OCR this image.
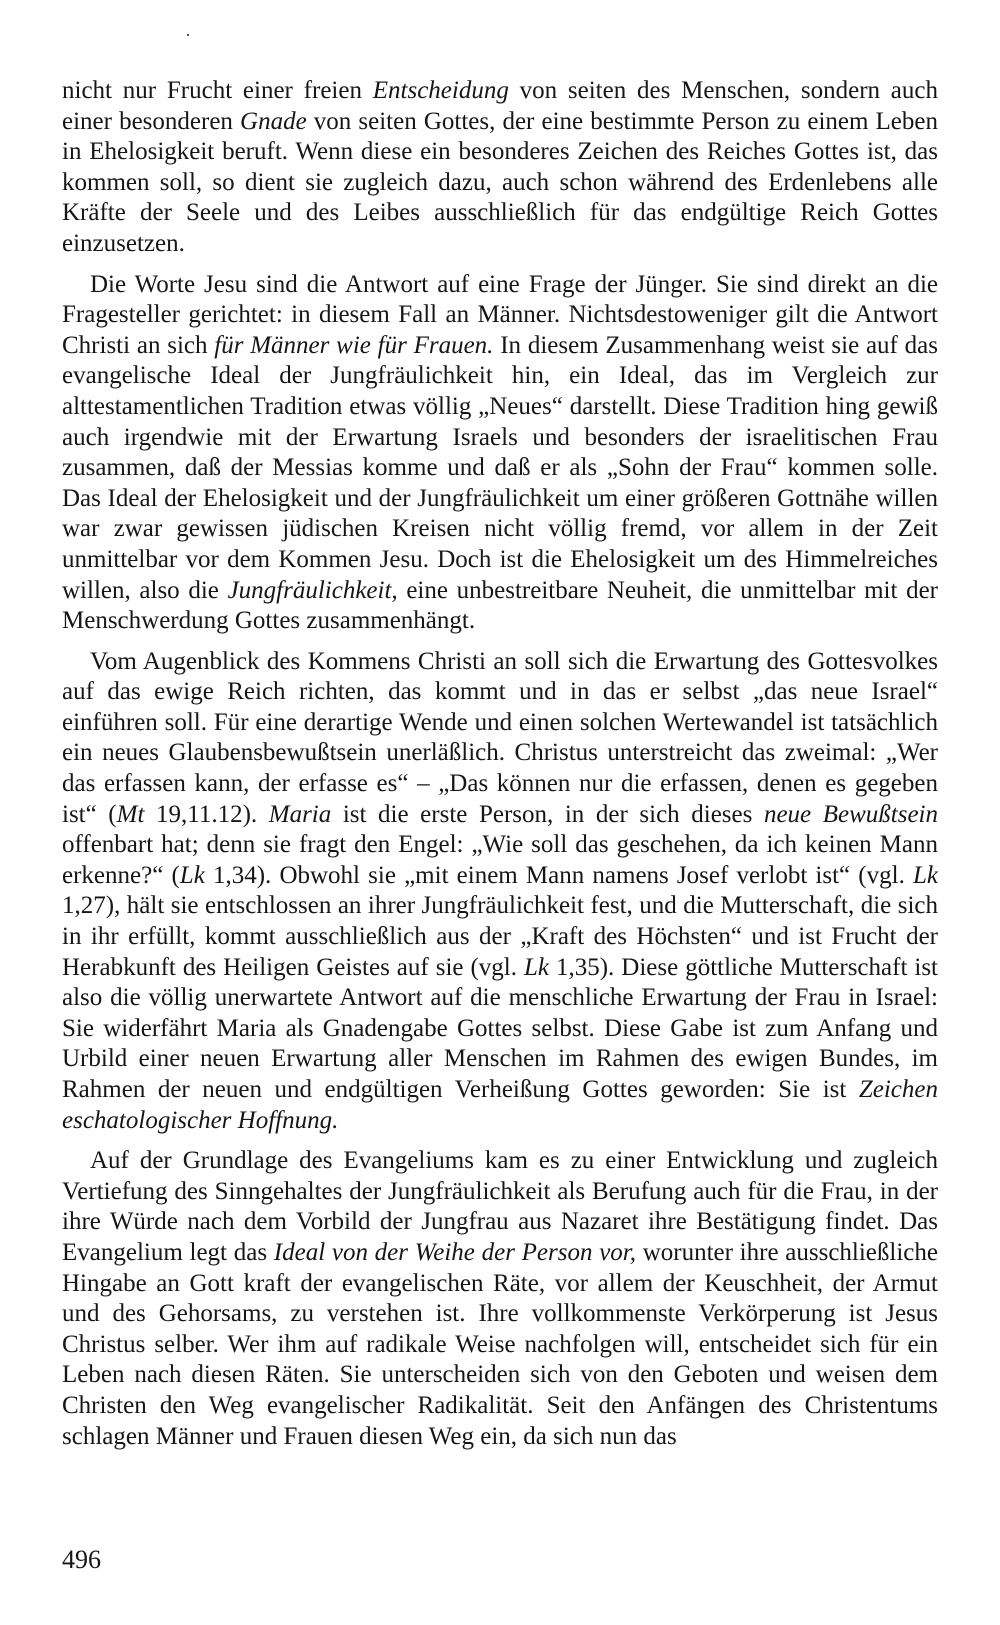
nicht nur Frucht einer freien Entscheidung von seiten des Menschen, sondern auch einer besonderen Gnade von seiten Gottes, der eine bestimmte Person zu einem Leben in Ehelosigkeit beruft. Wenn diese ein besonderes Zeichen des Reiches Gottes ist, das kommen soll, so dient sie zugleich dazu, auch schon während des Erdenlebens alle Kräfte der Seele und des Leibes ausschließlich für das endgültige Reich Gottes einzusetzen.

Die Worte Jesu sind die Antwort auf eine Frage der Jünger. Sie sind direkt an die Fragesteller gerichtet: in diesem Fall an Männer. Nichtsdestoweniger gilt die Antwort Christi an sich für Männer wie für Frauen. In diesem Zusammenhang weist sie auf das evangelische Ideal der Jungfräulichkeit hin, ein Ideal, das im Vergleich zur alttestamentlichen Tradition etwas völlig „Neues“ darstellt. Diese Tradition hing gewiß auch irgendwie mit der Erwartung Israels und besonders der israelitischen Frau zusammen, daß der Messias komme und daß er als „Sohn der Frau“ kommen solle. Das Ideal der Ehelosigkeit und der Jungfräulichkeit um einer größeren Gottnähe willen war zwar gewissen jüdischen Kreisen nicht völlig fremd, vor allem in der Zeit unmittelbar vor dem Kommen Jesu. Doch ist die Ehelosigkeit um des Himmelreiches willen, also die Jungfräulichkeit, eine unbestreitbare Neuheit, die unmittelbar mit der Menschwerdung Gottes zusammenhängt.

Vom Augenblick des Kommens Christi an soll sich die Erwartung des Gottesvolkes auf das ewige Reich richten, das kommt und in das er selbst „das neue Israel“ einführen soll. Für eine derartige Wende und einen solchen Wertewandel ist tatsächlich ein neues Glaubensbewußtsein unerläßlich. Christus unterstreicht das zweimal: „Wer das erfassen kann, der erfasse es“ – „Das können nur die erfassen, denen es gegeben ist“ (Mt 19,11.12). Maria ist die erste Person, in der sich dieses neue Bewußtsein offenbart hat; denn sie fragt den Engel: „Wie soll das geschehen, da ich keinen Mann erkenne?“ (Lk 1,34). Obwohl sie „mit einem Mann namens Josef verlobt ist“ (vgl. Lk 1,27), hält sie entschlossen an ihrer Jungfräulichkeit fest, und die Mutterschaft, die sich in ihr erfüllt, kommt ausschließlich aus der „Kraft des Höchsten“ und ist Frucht der Herabkunft des Heiligen Geistes auf sie (vgl. Lk 1,35). Diese göttliche Mutterschaft ist also die völlig unerwartete Antwort auf die menschliche Erwartung der Frau in Israel: Sie widerfährt Maria als Gnadengabe Gottes selbst. Diese Gabe ist zum Anfang und Urbild einer neuen Erwartung aller Menschen im Rahmen des ewigen Bundes, im Rahmen der neuen und endgültigen Verheißung Gottes geworden: Sie ist Zeichen eschatologischer Hoffnung.

Auf der Grundlage des Evangeliums kam es zu einer Entwicklung und zugleich Vertiefung des Sinngehaltes der Jungfräulichkeit als Berufung auch für die Frau, in der ihre Würde nach dem Vorbild der Jungfrau aus Nazaret ihre Bestätigung findet. Das Evangelium legt das Ideal von der Weihe der Person vor, worunter ihre ausschließliche Hingabe an Gott kraft der evangelischen Räte, vor allem der Keuschheit, der Armut und des Gehorsams, zu verstehen ist. Ihre vollkommenste Verkörperung ist Jesus Christus selber. Wer ihm auf radikale Weise nachfolgen will, entscheidet sich für ein Leben nach diesen Räten. Sie unterscheiden sich von den Geboten und weisen dem Christen den Weg evangelischer Radikalität. Seit den Anfängen des Christentums schlagen Männer und Frauen diesen Weg ein, da sich nun das

496
